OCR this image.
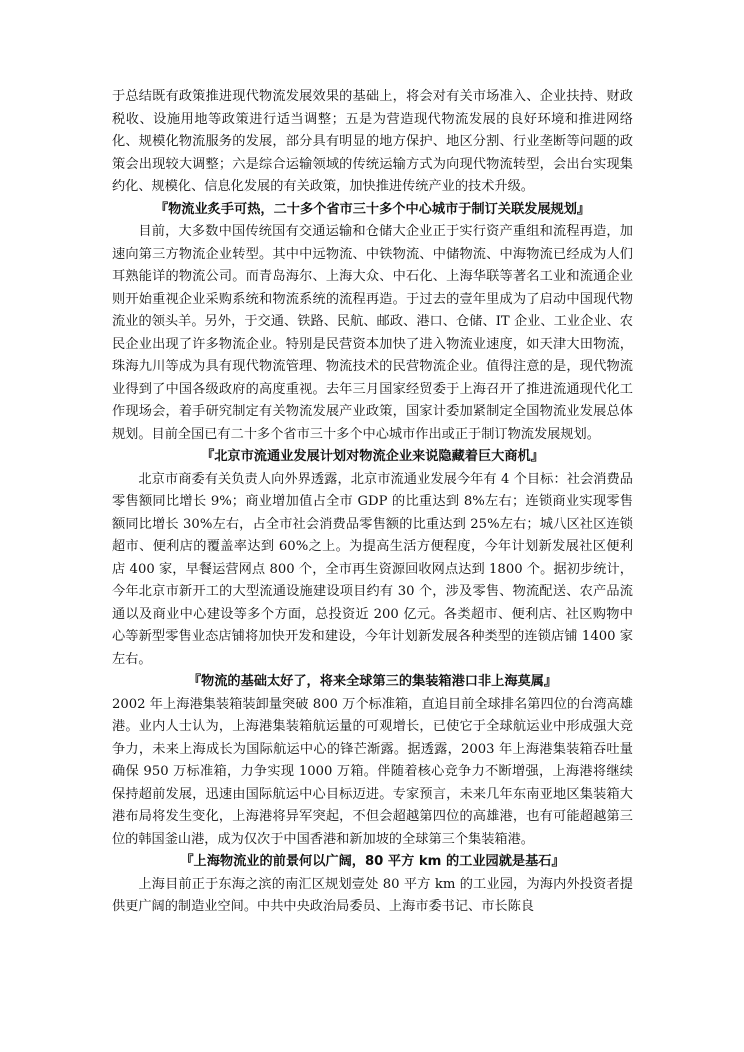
于总结既有政策推进现代物流发展效果的基础上，将会对有关市场准入、企业扶持、财政税收、设施用地等政策进行适当调整；五是为营造现代物流发展的良好环境和推进网络化、规模化物流服务的发展，部分具有明显的地方保护、地区分割、行业垄断等问题的政策会出现较大调整；六是综合运输领域的传统运输方式为向现代物流转型，会出台实现集约化、规模化、信息化发展的有关政策，加快推进传统产业的技术升级。

『物流业炙手可热，二十多个省市三十多个中心城市于制订关联发展规划』

目前，大多数中国传统国有交通运输和仓储大企业正于实行资产重组和流程再造，加速向第三方物流企业转型。其中中远物流、中铁物流、中储物流、中海物流已经成为人们耳熟能详的物流公司。而青岛海尔、上海大众、中石化、上海华联等著名工业和流通企业则开始重视企业采购系统和物流系统的流程再造。于过去的壹年里成为了启动中国现代物流业的领头羊。另外，于交通、铁路、民航、邮政、港口、仓储、IT 企业、工业企业、农民企业出现了许多物流企业。特别是民营资本加快了进入物流业速度，如天津大田物流，珠海九川等成为具有现代物流管理、物流技术的民营物流企业。值得注意的是，现代物流业得到了中国各级政府的高度重视。去年三月国家经贸委于上海召开了推进流通现代化工作现场会，着手研究制定有关物流发展产业政策，国家计委加紧制定全国物流业发展总体规划。目前全国已有二十多个省市三十多个中心城市作出或正于制订物流发展规划。

『北京市流通业发展计划对物流企业来说隐藏着巨大商机』

北京市商委有关负责人向外界透露，北京市流通业发展今年有 4 个目标：社会消费品零售额同比增长 9%；商业增加值占全市 GDP 的比重达到 8%左右；连锁商业实现零售额同比增长 30%左右，占全市社会消费品零售额的比重达到 25%左右；城八区社区连锁超市、便利店的覆盖率达到 60%之上。为提高生活方便程度，今年计划新发展社区便利店 400 家，早餐运营网点 800 个，全市再生资源回收网点达到 1800 个。据初步统计，今年北京市新开工的大型流通设施建设项目约有 30 个，涉及零售、物流配送、农产品流通以及商业中心建设等多个方面，总投资近 200 亿元。各类超市、便利店、社区购物中心等新型零售业态店铺将加快开发和建设，今年计划新发展各种类型的连锁店铺 1400 家左右。

『物流的基础太好了，将来全球第三的集装箱港口非上海莫属』

2002 年上海港集装箱装卸量突破 800 万个标准箱，直追目前全球排名第四位的台湾高雄港。业内人士认为，上海港集装箱航运量的可观增长，已使它于全球航运业中形成强大竞争力，未来上海成长为国际航运中心的锋芒渐露。据透露，2003 年上海港集装箱吞吐量确保 950 万标准箱，力争实现 1000 万箱。伴随着核心竞争力不断增强，上海港将继续保持超前发展，迅速由国际航运中心目标迈进。专家预言，未来几年东南亚地区集装箱大港布局将发生变化，上海港将异军突起，不但会超越第四位的高雄港，也有可能超越第三位的韩国釜山港，成为仅次于中国香港和新加坡的全球第三个集装箱港。

『上海物流业的前景何以广阔，80 平方 km 的工业园就是基石』

上海目前正于东海之滨的南汇区规划壹处 80 平方 km 的工业园，为海内外投资者提供更广阔的制造业空间。中共中央政治局委员、上海市委书记、市长陈良
